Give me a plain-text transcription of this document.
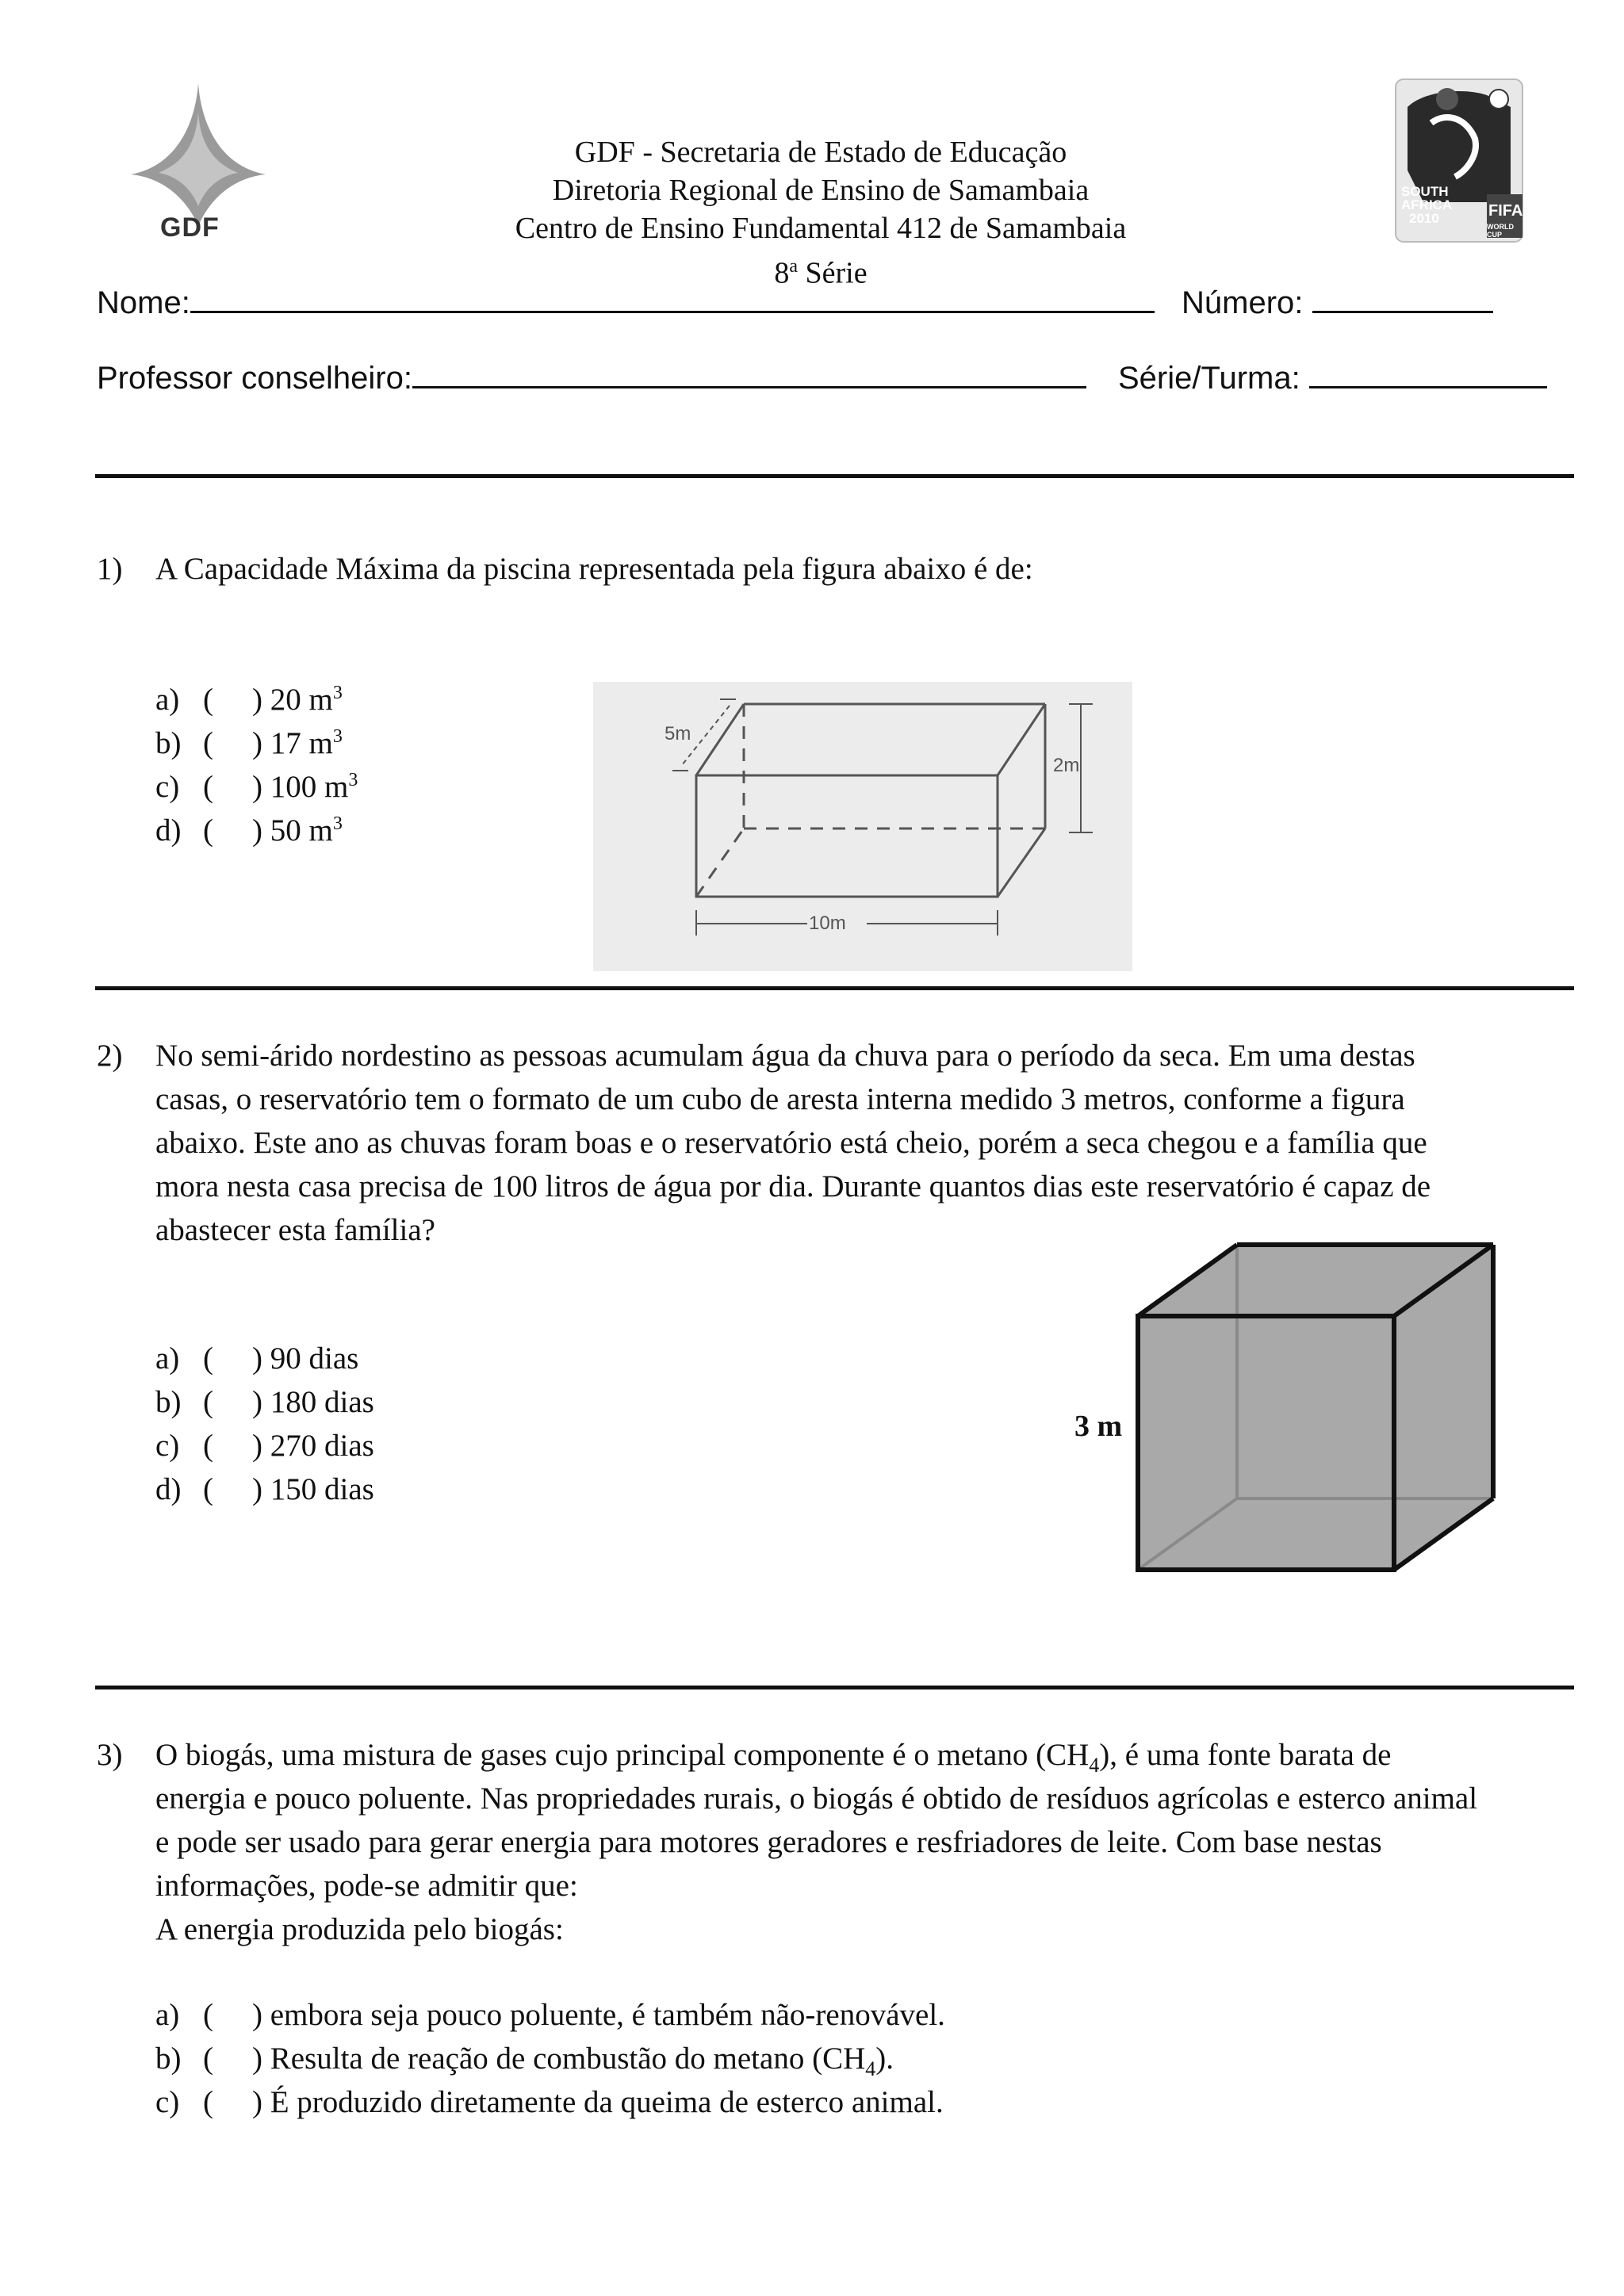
GDF
SOUTH
AFRICA
2010	FIFA
WORLD CUP
GDF - Secretaria de Estado de Educação
Diretoria Regional de Ensino de Samambaia
Centro de Ensino Fundamental 412 de Samambaia
8$^a$ Série
Nome:	Número:
Professor conselheiro:	Série/Turma:
1) A Capacidade Máxima da piscina representada pela figura abaixo é de:
a) ( ) 20 $m^3$
b) ( ) 17 $m^3$
c) ( ) 100 $m^3$
d) ( ) 50 $m^3$
5m
2m
10m
2) No semi-árido nordestino as pessoas acumulam água da chuva para o período da seca. Em uma destas

casas, o reservatório tem o formato de um cubo de aresta interna medido 3 metros, conforme a figura

abaixo. Este ano as chuvas foram boas e o reservatório está cheio, porém a seca chegou e a família que

mora nesta casa precisa de 100 litros de água por dia. Durante quantos dias este reservatório é capaz de

abastecer esta família?

a) ( ) 90 dias
b) ( ) 180 dias
c) ( ) 270 dias
d) ( ) 150 dias
3 m
3) O biogás, uma mistura de gases cujo principal componente é o metano $(CH_4)$, é uma fonte barata de

energia e pouco poluente. Nas propriedades rurais, o biogás é obtido de resíduos agrícolas e esterco animal

e pode ser usado para gerar energia para motores geradores e resfriadores de leite. Com base nestas

informações, pode-se admitir que:

A energia produzida pelo biogás:

a) ( ) embora seja pouco poluente, é também não-renovável.
b) ( ) Resulta de reação de combustão do metano $(CH_4)$.
c) ( ) É produzido diretamente da queima de esterco animal.
